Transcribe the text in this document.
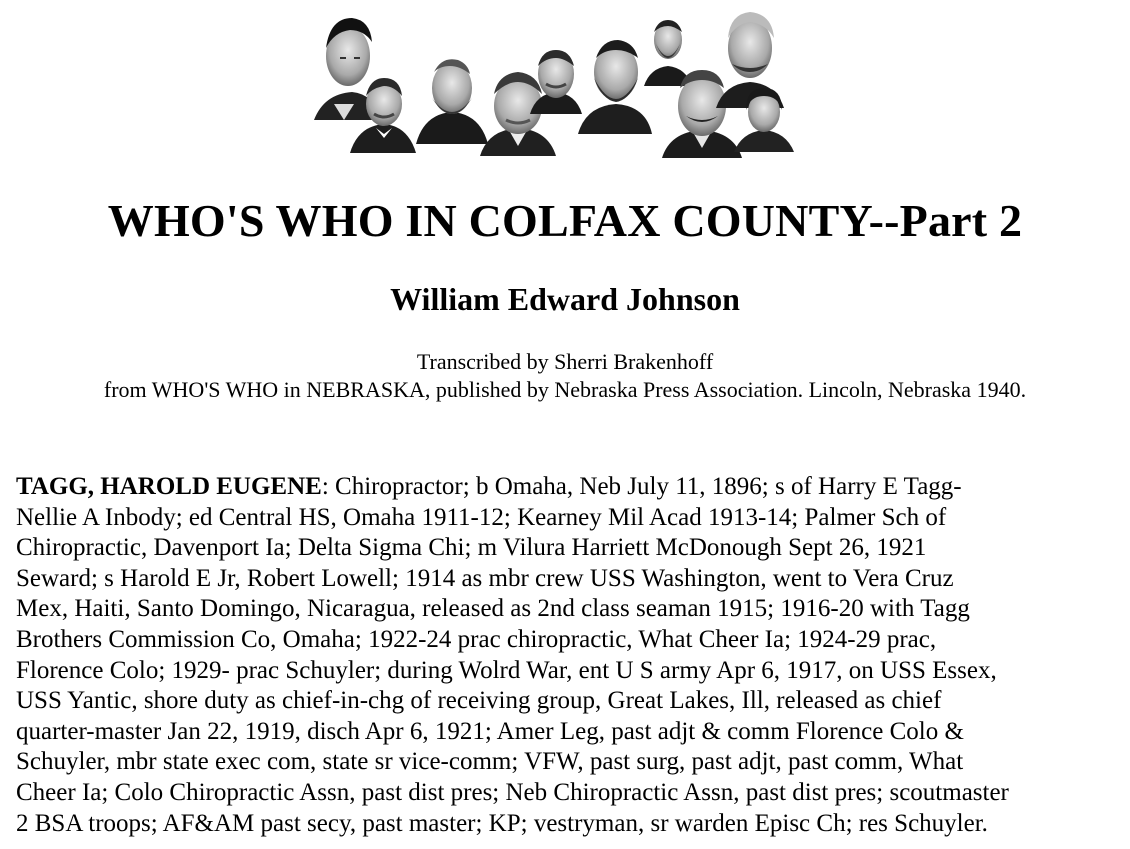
WHO'S WHO IN COLFAX COUNTY--Part 2
William Edward Johnson
Transcribed by Sherri Brakenhoff
from WHO'S WHO in NEBRASKA, published by Nebraska Press Association. Lincoln, Nebraska 1940.
TAGG, HAROLD EUGENE: Chiropractor; b Omaha, Neb July 11, 1896; s of Harry E Tagg-
Nellie A Inbody; ed Central HS, Omaha 1911-12; Kearney Mil Acad 1913-14; Palmer Sch of
Chiropractic, Davenport Ia; Delta Sigma Chi; m Vilura Harriett McDonough Sept 26, 1921
Seward; s Harold E Jr, Robert Lowell; 1914 as mbr crew USS Washington, went to Vera Cruz
Mex, Haiti, Santo Domingo, Nicaragua, released as 2nd class seaman 1915; 1916-20 with Tagg
Brothers Commission Co, Omaha; 1922-24 prac chiropractic, What Cheer Ia; 1924-29 prac,
Florence Colo; 1929- prac Schuyler; during Wolrd War, ent U S army Apr 6, 1917, on USS Essex,
USS Yantic, shore duty as chief-in-chg of receiving group, Great Lakes, Ill, released as chief
quarter-master Jan 22, 1919, disch Apr 6, 1921; Amer Leg, past adjt & comm Florence Colo &
Schuyler, mbr state exec com, state sr vice-comm; VFW, past surg, past adjt, past comm, What
Cheer Ia; Colo Chiropractic Assn, past dist pres; Neb Chiropractic Assn, past dist pres; scoutmaster
2 BSA troops; AF&AM past secy, past master; KP; vestryman, sr warden Episc Ch; res Schuyler.
